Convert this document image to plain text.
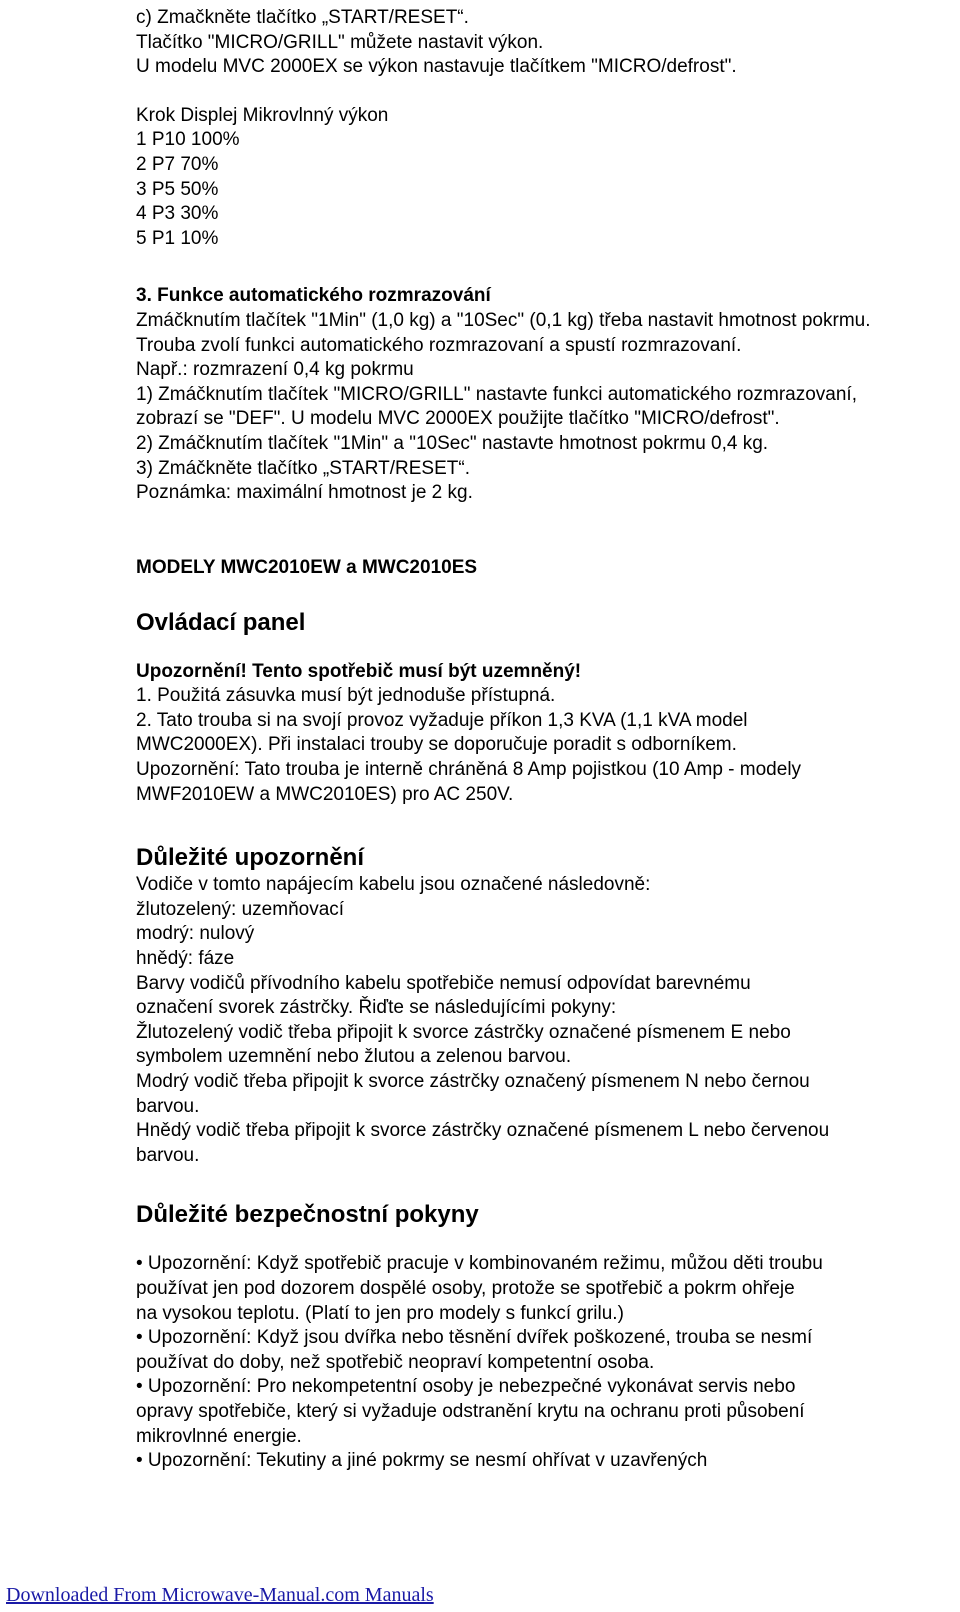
c) Zmačkněte tlačítko „START/RESET“.
Tlačítko "MICRO/GRILL" můžete nastavit výkon.
U modelu MVC 2000EX se výkon nastavuje tlačítkem "MICRO/defrost".
Krok Displej Mikrovlnný výkon
1 P10 100%
2 P7 70%
3 P5 50%
4 P3 30%
5 P1 10%
3. Funkce automatického rozmrazování
Zmáčknutím tlačítek "1Min" (1,0 kg) a "10Sec" (0,1 kg) třeba nastavit hmotnost pokrmu.
Trouba zvolí funkci automatického rozmrazovaní a spustí rozmrazovaní.
Např.: rozmrazení 0,4 kg pokrmu
1) Zmáčknutím tlačítek "MICRO/GRILL" nastavte funkci automatického rozmrazovaní,
zobrazí se "DEF". U modelu MVC 2000EX použijte tlačítko "MICRO/defrost".
2) Zmáčknutím tlačítek "1Min" a "10Sec" nastavte hmotnost pokrmu 0,4 kg.
3) Zmáčkněte tlačítko „START/RESET“.
Poznámka: maximální hmotnost je 2 kg.
MODELY MWC2010EW a MWC2010ES
Ovládací panel
Upozornění! Tento spotřebič musí být uzemněný!
1. Použitá zásuvka musí být jednoduše přístupná.
2. Tato trouba si na svojí provoz vyžaduje příkon 1,3 KVA (1,1 kVA model
MWC2000EX). Při instalaci trouby se doporučuje poradit s odborníkem.
Upozornění: Tato trouba je interně chráněná 8 Amp pojistkou (10 Amp - modely
MWF2010EW a MWC2010ES) pro AC 250V.
Důležité upozornění
Vodiče v tomto napájecím kabelu jsou označené následovně:
žlutozelený: uzemňovací
modrý: nulový
hnědý: fáze
Barvy vodičů přívodního kabelu spotřebiče nemusí odpovídat barevnému
označení svorek zástrčky. Řiďte se následujícími pokyny:
Žlutozelený vodič třeba připojit k svorce zástrčky označené písmenem E nebo
symbolem uzemnění nebo žlutou a zelenou barvou.
Modrý vodič třeba připojit k svorce zástrčky označený písmenem N nebo černou
barvou.
Hnědý vodič třeba připojit k svorce zástrčky označené písmenem L nebo červenou
barvou.
Důležité bezpečnostní pokyny
• Upozornění: Když spotřebič pracuje v kombinovaném režimu, můžou děti troubu
používat jen pod dozorem dospělé osoby, protože se spotřebič a pokrm ohřeje
na vysokou teplotu. (Platí to jen pro modely s funkcí grilu.)
• Upozornění: Když jsou dvířka nebo těsnění dvířek poškozené, trouba se nesmí
používat do doby, než spotřebič neopraví kompetentní osoba.
• Upozornění: Pro nekompetentní osoby je nebezpečné vykonávat servis nebo
opravy spotřebiče, který si vyžaduje odstranění krytu na ochranu proti působení
mikrovlnné energie.
• Upozornění: Tekutiny a jiné pokrmy se nesmí ohřívat v uzavřených
Downloaded From Microwave-Manual.com Manuals
